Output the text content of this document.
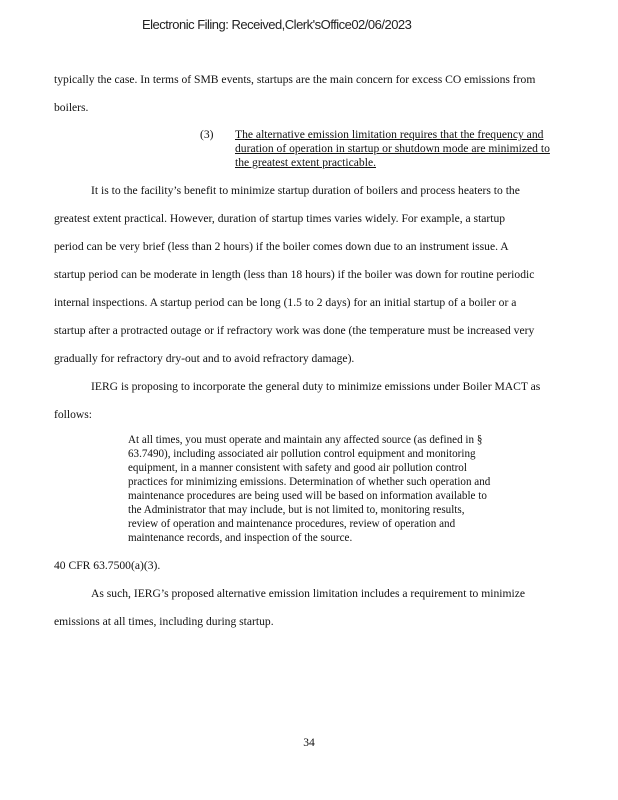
Electronic Filing: Received,Clerk'sOffice02/06/2023
typically the case. In terms of SMB events, startups are the main concern for excess CO emissions from
boilers.
(3) The alternative emission limitation requires that the frequency and
duration of operation in startup or shutdown mode are minimized to
the greatest extent practicable.
It is to the facility’s benefit to minimize startup duration of boilers and process heaters to the
greatest extent practical. However, duration of startup times varies widely. For example, a startup
period can be very brief (less than 2 hours) if the boiler comes down due to an instrument issue. A
startup period can be moderate in length (less than 18 hours) if the boiler was down for routine periodic
internal inspections. A startup period can be long (1.5 to 2 days) for an initial startup of a boiler or a
startup after a protracted outage or if refractory work was done (the temperature must be increased very
gradually for refractory dry-out and to avoid refractory damage).
IERG is proposing to incorporate the general duty to minimize emissions under Boiler MACT as
follows:
At all times, you must operate and maintain any affected source (as defined in §
63.7490), including associated air pollution control equipment and monitoring
equipment, in a manner consistent with safety and good air pollution control
practices for minimizing emissions. Determination of whether such operation and
maintenance procedures are being used will be based on information available to
the Administrator that may include, but is not limited to, monitoring results,
review of operation and maintenance procedures, review of operation and
maintenance records, and inspection of the source.
40 CFR 63.7500(a)(3).
As such, IERG’s proposed alternative emission limitation includes a requirement to minimize
emissions at all times, including during startup.
34
